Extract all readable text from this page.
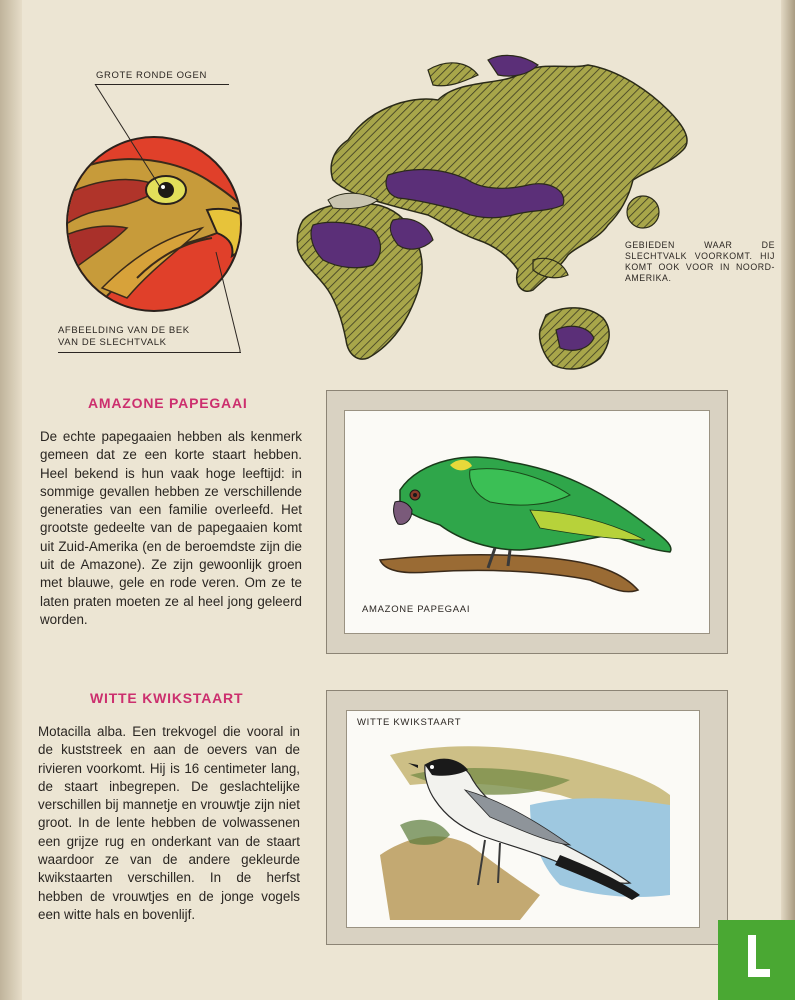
GROTE RONDE OGEN
AFBEELDING VAN DE BEK
VAN DE SLECHTVALK
GEBIEDEN WAAR DE SLECHTVALK VOORKOMT. HIJ KOMT OOK VOOR IN NOORD-AMERIKA.
AMAZONE PAPEGAAI
De echte papegaaien hebben als kenmerk gemeen dat ze een korte staart hebben. Heel bekend is hun vaak hoge leeftijd: in sommige gevallen hebben ze verschillende generaties van een familie overleefd. Het grootste gedeelte van de papegaaien komt uit Zuid-Amerika (en de beroemdste zijn die uit de Amazone). Ze zijn gewoonlijk groen met blauwe, gele en rode veren. Om ze te laten praten moeten ze al heel jong geleerd worden.
AMAZONE PAPEGAAI
WITTE KWIKSTAART
Motacilla alba. Een trekvogel die vooral in de kuststreek en aan de oevers van de rivieren voorkomt. Hij is 16 centimeter lang, de staart inbegrepen. De geslachtelijke verschillen bij mannetje en vrouwtje zijn niet groot. In de lente hebben de volwassenen een grijze rug en onderkant van de staart waardoor ze van de andere gekleurde kwikstaarten verschillen. In de herfst hebben de vrouwtjes en de jonge vogels een witte hals en bovenlijf.
WITTE KWIKSTAART
